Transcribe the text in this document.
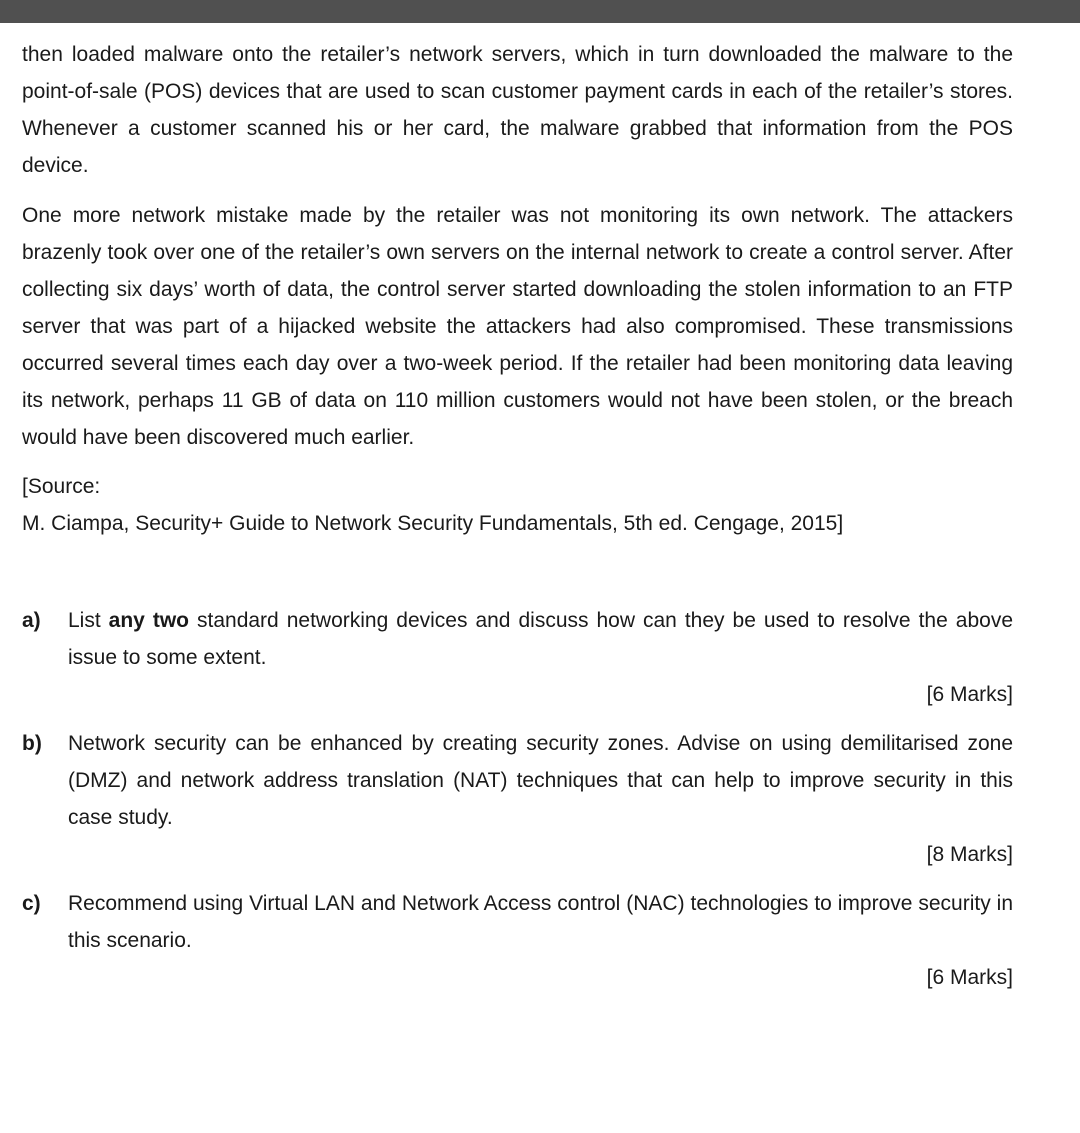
then loaded malware onto the retailer’s network servers, which in turn downloaded the malware to the point-of-sale (POS) devices that are used to scan customer payment cards in each of the retailer’s stores. Whenever a customer scanned his or her card, the malware grabbed that information from the POS device.

One more network mistake made by the retailer was not monitoring its own network. The attackers brazenly took over one of the retailer’s own servers on the internal network to create a control server. After collecting six days’ worth of data, the control server started downloading the stolen information to an FTP server that was part of a hijacked website the attackers had also compromised. These transmissions occurred several times each day over a two-week period. If the retailer had been monitoring data leaving its network, perhaps 11 GB of data on 110 million customers would not have been stolen, or the breach would have been discovered much earlier.

[Source:
M. Ciampa, Security+ Guide to Network Security Fundamentals, 5th ed. Cengage, 2015]
a)	List any two standard networking devices and discuss how can they be used to resolve the above issue to some extent.
[6 Marks]
b)	Network security can be enhanced by creating security zones. Advise on using demilitarised zone (DMZ) and network address translation (NAT) techniques that can help to improve security in this case study.
[8 Marks]
c)	Recommend using Virtual LAN and Network Access control (NAC) technologies to improve security in this scenario.
[6 Marks]
